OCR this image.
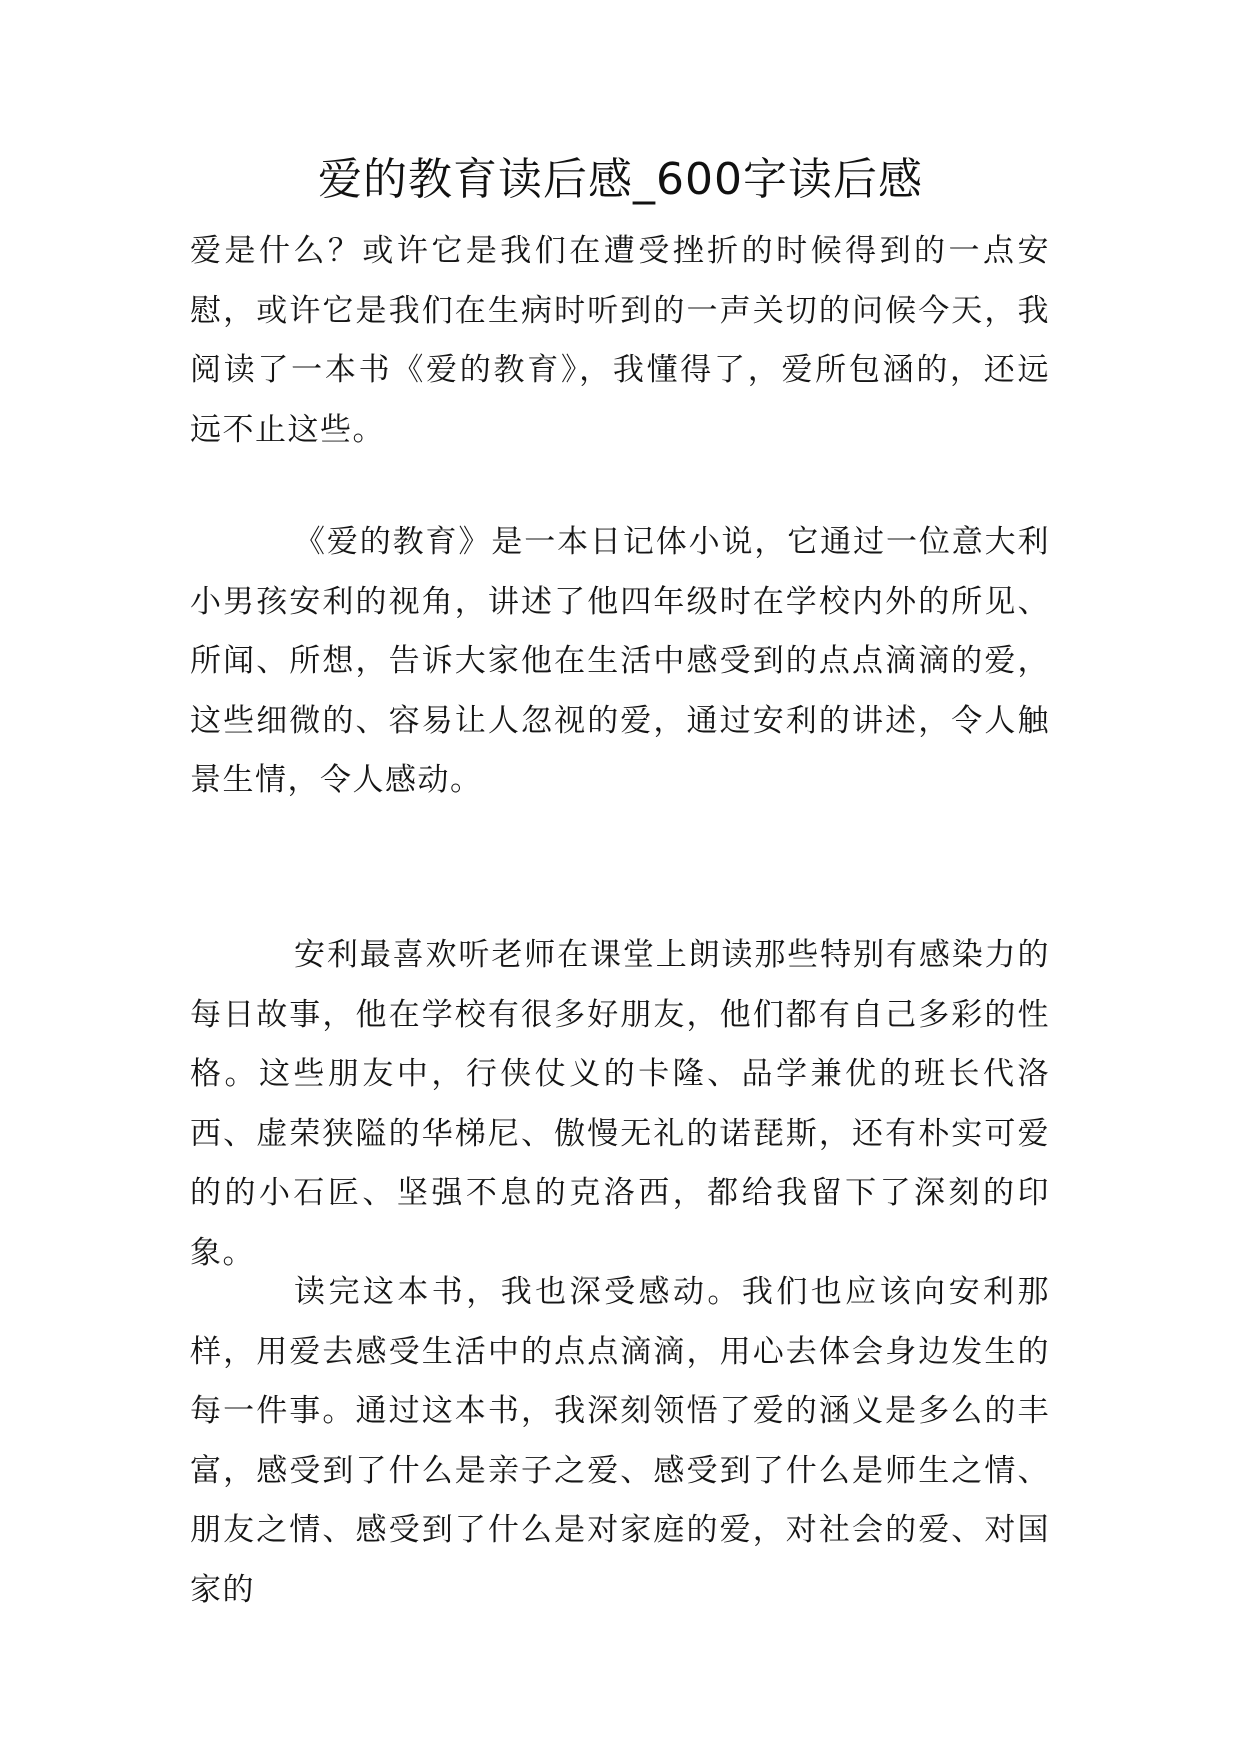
爱的教育读后感_600字读后感

爱是什么？或许它是我们在遭受挫折的时候得到的一点安慰，或许它是我们在生病时听到的一声关切的问候今天，我阅读了一本书《爱的教育》，我懂得了，爱所包涵的，还远远不止这些。

《爱的教育》是一本日记体小说，它通过一位意大利小男孩安利的视角，讲述了他四年级时在学校内外的所见、所闻、所想，告诉大家他在生活中感受到的点点滴滴的爱，这些细微的、容易让人忽视的爱，通过安利的讲述，令人触景生情，令人感动。

安利最喜欢听老师在课堂上朗读那些特别有感染力的每日故事，他在学校有很多好朋友，他们都有自己多彩的性格。这些朋友中，行侠仗义的卡隆、品学兼优的班长代洛西、虚荣狭隘的华梯尼、傲慢无礼的诺琵斯，还有朴实可爱的的小石匠、坚强不息的克洛西，都给我留下了深刻的印象。

读完这本书，我也深受感动。我们也应该向安利那样，用爱去感受生活中的点点滴滴，用心去体会身边发生的每一件事。通过这本书，我深刻领悟了爱的涵义是多么的丰富，感受到了什么是亲子之爱、感受到了什么是师生之情、朋友之情、感受到了什么是对家庭的爱，对社会的爱、对国家的
